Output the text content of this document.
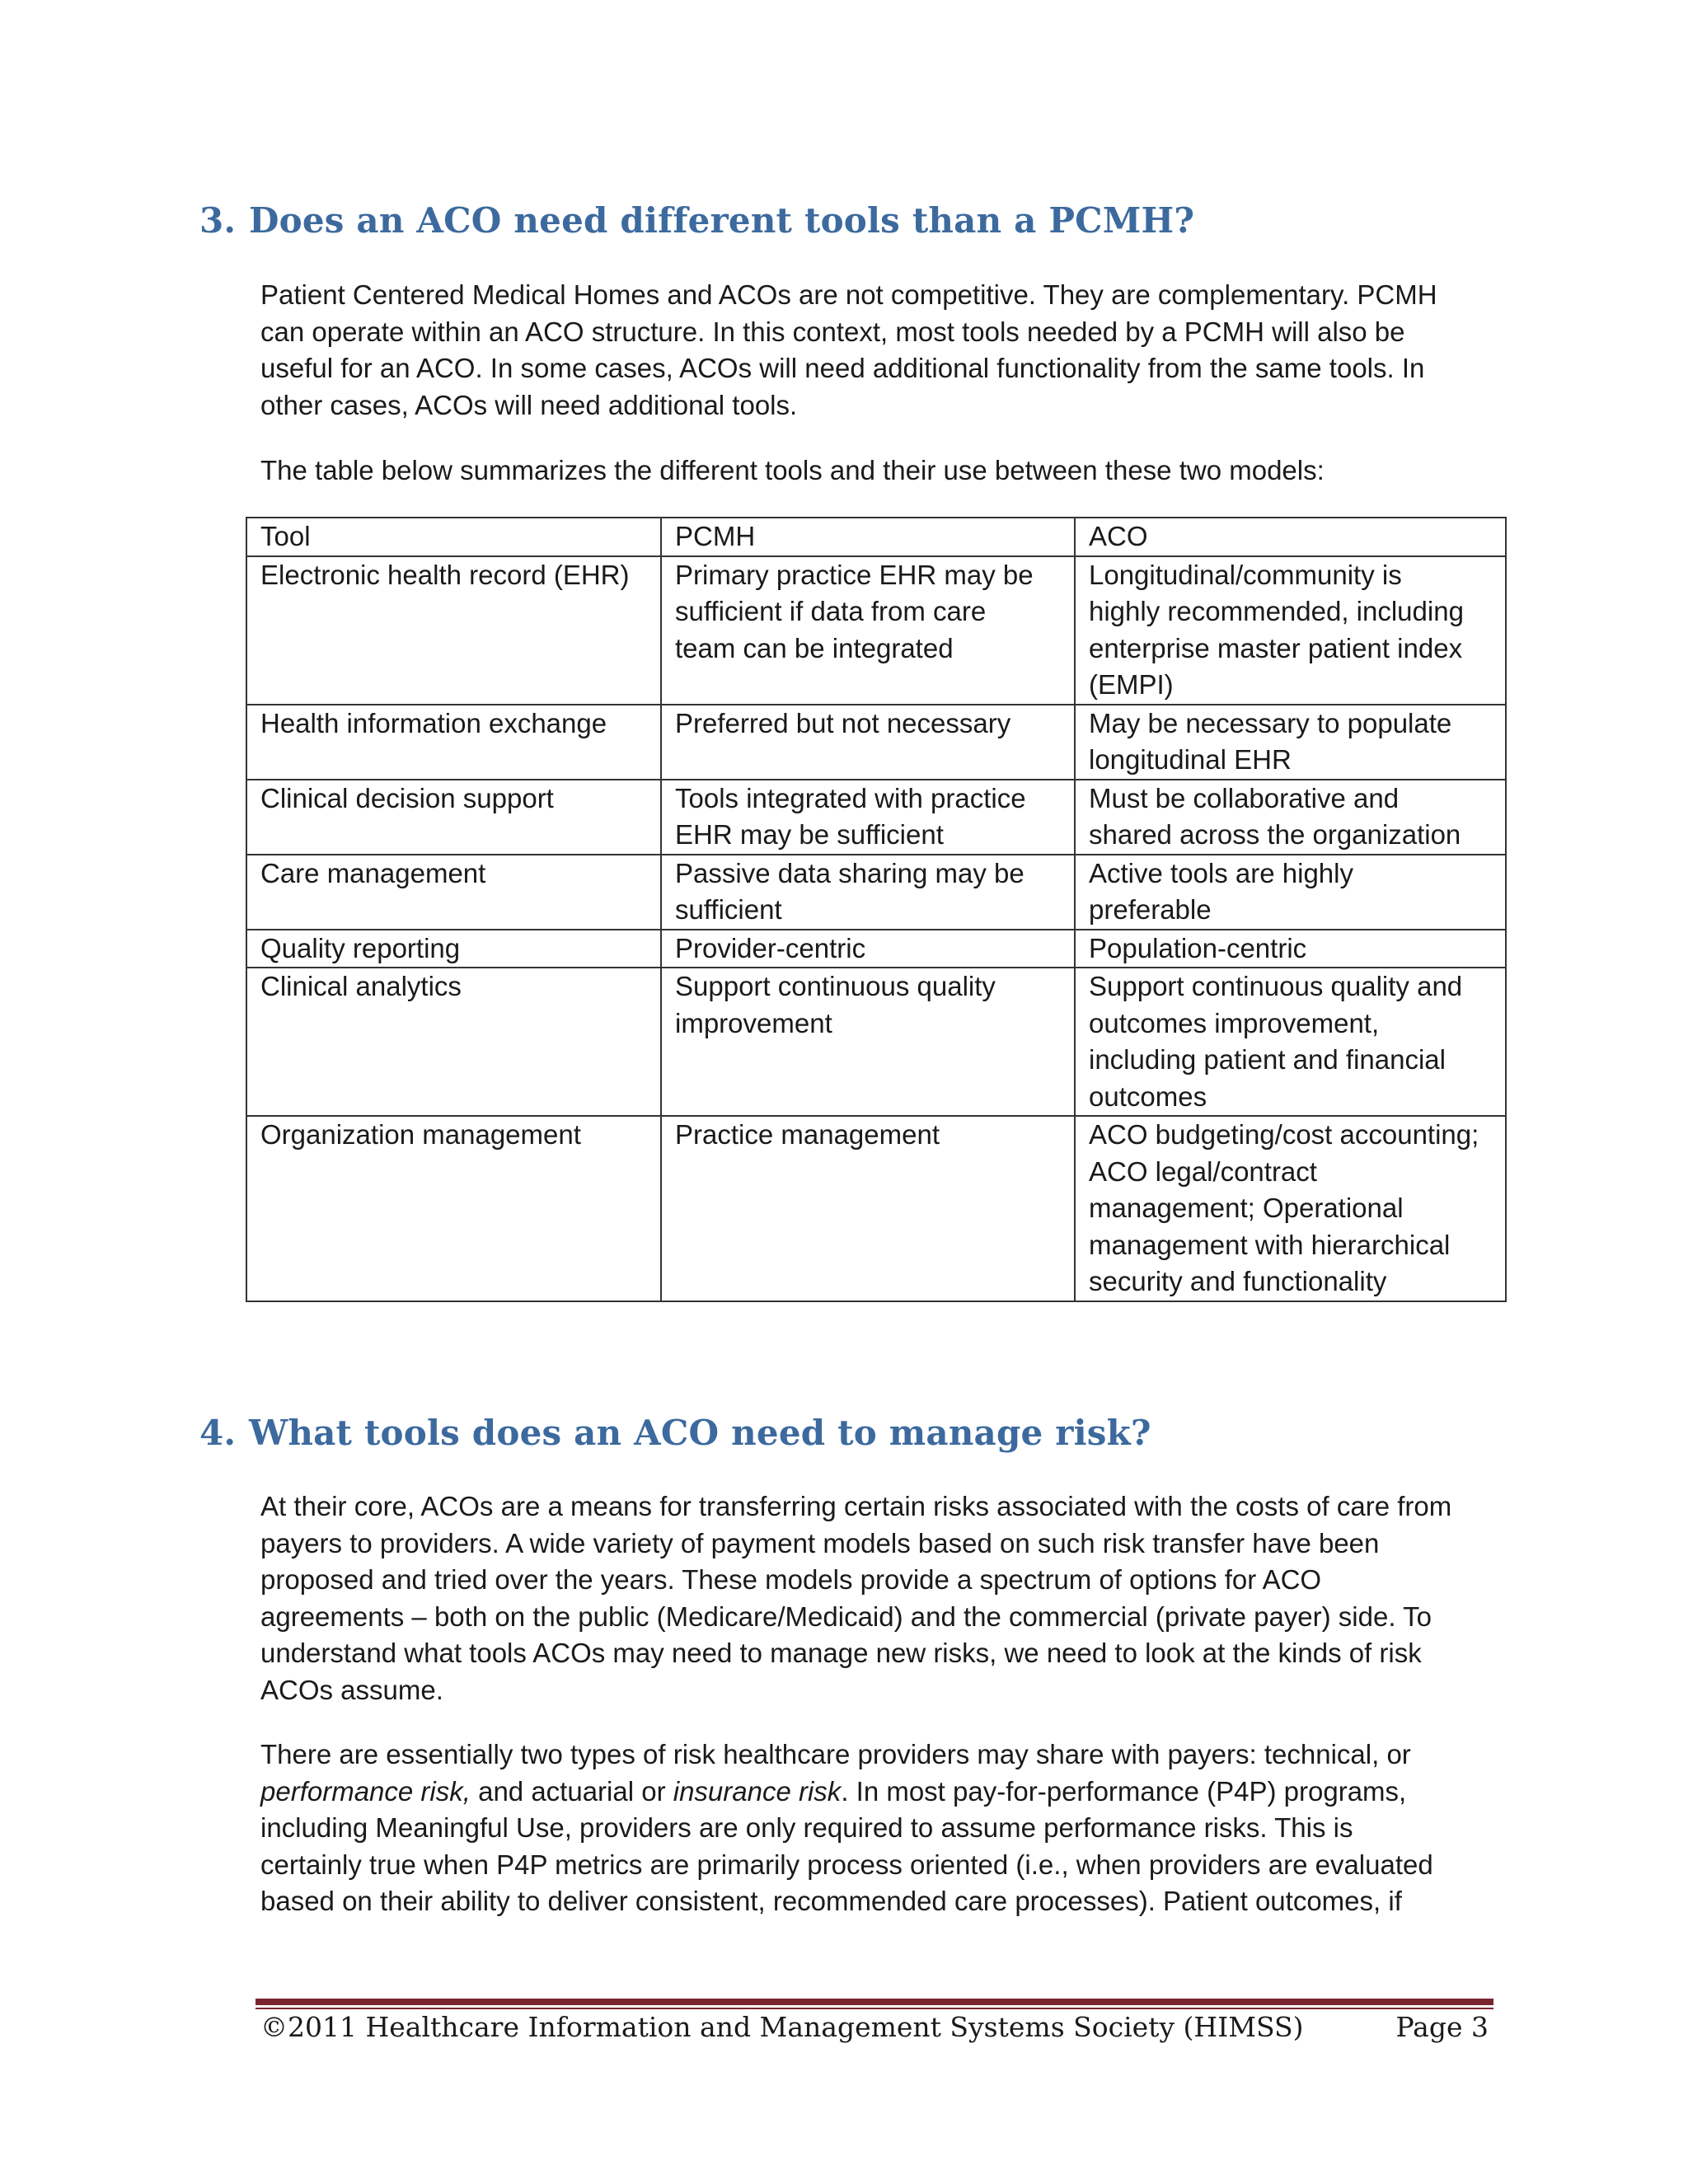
3. Does an ACO need different tools than a PCMH?
Patient Centered Medical Homes and ACOs are not competitive. They are complementary. PCMH
can operate within an ACO structure. In this context, most tools needed by a PCMH will also be
useful for an ACO. In some cases, ACOs will need additional functionality from the same tools. In
other cases, ACOs will need additional tools.
The table below summarizes the different tools and their use between these two models:
Tool	PCMH	ACO

Electronic health record (EHR)	Primary practice EHR may be
sufficient if data from care
team can be integrated	Longitudinal/community is
highly recommended, including
enterprise master patient index
(EMPI)

Health information exchange	Preferred but not necessary	May be necessary to populate
longitudinal EHR

Clinical decision support	Tools integrated with practice
EHR may be sufficient	Must be collaborative and
shared across the organization

Care management	Passive data sharing may be
sufficient	Active tools are highly
preferable

Quality reporting	Provider-centric	Population-centric

Clinical analytics	Support continuous quality
improvement	Support continuous quality and
outcomes improvement,
including patient and financial
outcomes

Organization management	Practice management	ACO budgeting/cost accounting;
ACO legal/contract
management; Operational
management with hierarchical
security and functionality
4. What tools does an ACO need to manage risk?
At their core, ACOs are a means for transferring certain risks associated with the costs of care from
payers to providers. A wide variety of payment models based on such risk transfer have been
proposed and tried over the years. These models provide a spectrum of options for ACO
agreements – both on the public (Medicare/Medicaid) and the commercial (private payer) side. To
understand what tools ACOs may need to manage new risks, we need to look at the kinds of risk
ACOs assume.
There are essentially two types of risk healthcare providers may share with payers: technical, or
performance risk, and actuarial or insurance risk. In most pay-for-performance (P4P) programs,
including Meaningful Use, providers are only required to assume performance risks. This is
certainly true when P4P metrics are primarily process oriented (i.e., when providers are evaluated
based on their ability to deliver consistent, recommended care processes). Patient outcomes, if
©2011 Healthcare Information and Management Systems Society (HIMSS)	Page 3
